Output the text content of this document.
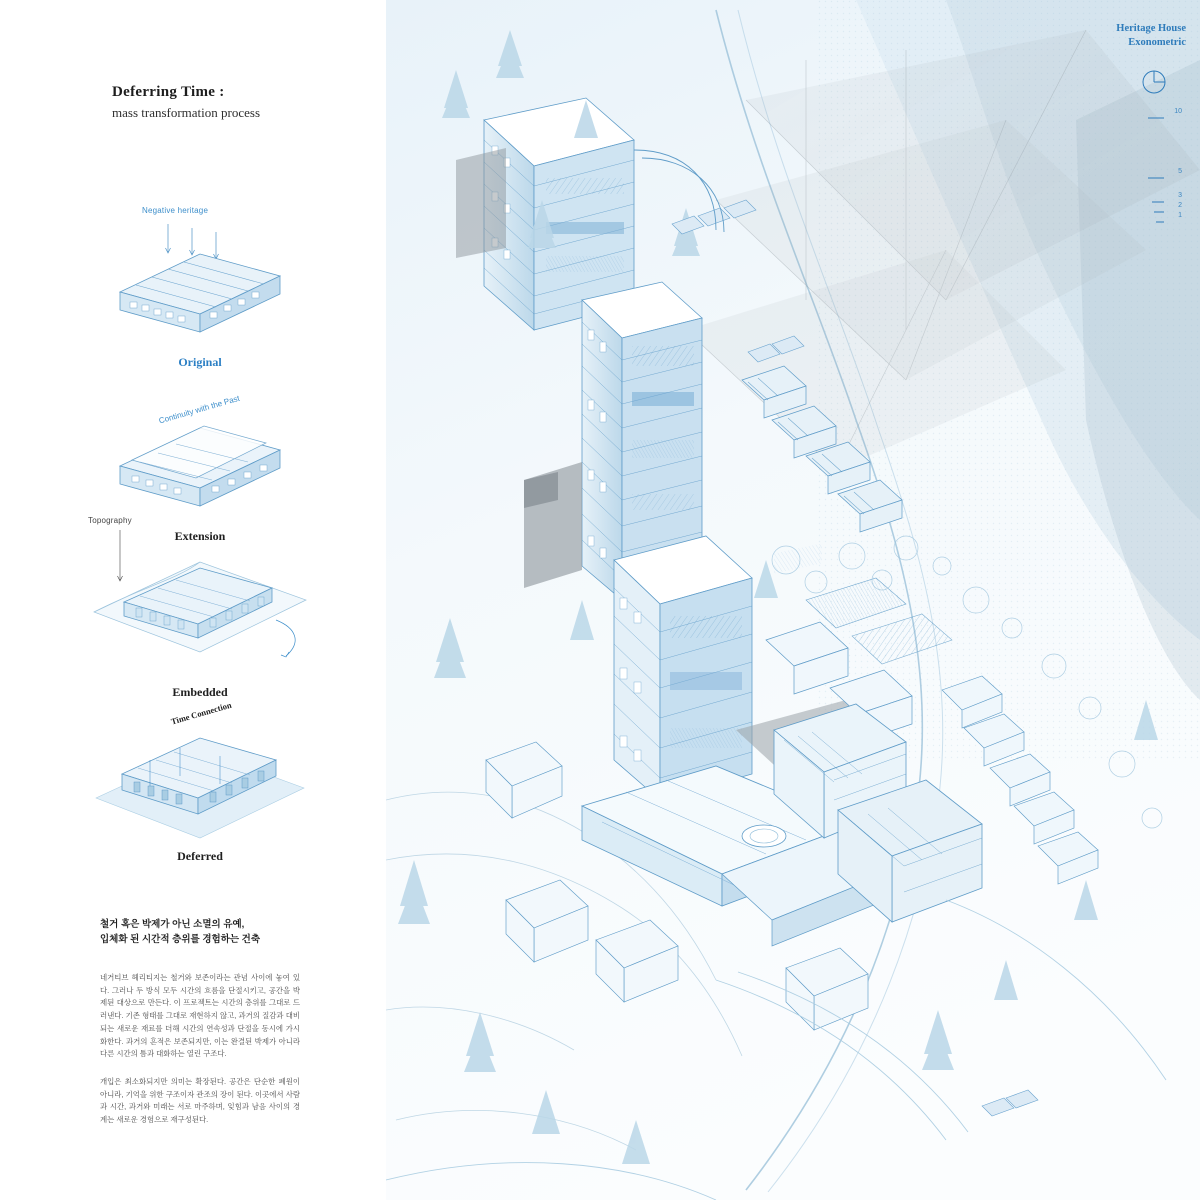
Deferring Time :

mass transformation process

Negative heritage
Original
Continuity with the Past
Extension
Topography
Embedded
Time Connection
Deferred
철거 혹은 박제가 아닌 소멸의 유예,
입체화 된 시간적 층위를 경험하는 건축
네거티브 헤리티지는 철거와 보존이라는 관념 사이에 놓여 있다. 그러나 두 방식 모두 시간의 흐름을 단절시키고, 공간을 박제된 대상으로 만든다. 이 프로젝트는 시간의 층위를 그대로 드러낸다. 기존 형태를 그대로 재현하지 않고, 과거의 질감과 대비되는 새로운 재료를 더해 시간의 연속성과 단절을 동시에 가시화한다. 과거의 흔적은 보존되지만, 이는 완결된 박제가 아니라 다른 시간의 틈과 대화하는 열린 구조다.
개입은 최소화되지만 의미는 확장된다. 공간은 단순한 폐원이 아니라, 기억을 위한 구조이자 관조의 장이 된다. 이곳에서 사람과 시간, 과거와 미래는 서로 마주하며, 잊힘과 남음 사이의 경계는 새로운 경험으로 재구성된다.
Heritage House
Exonometric
10
5
3
2
1
